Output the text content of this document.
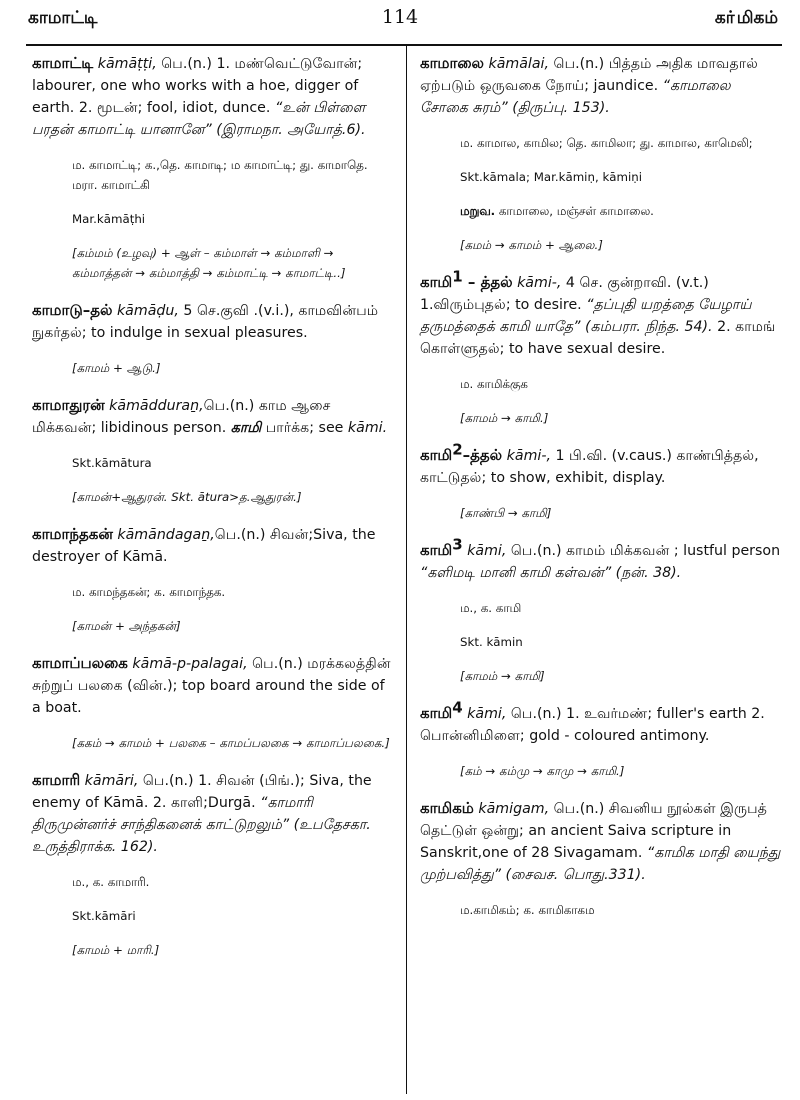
காமாட்டி	114	கா்மிகம்
காமாட்டி kāmāṭṭi, பெ.(n.) 1. மண்வெட்டுவோன்; labourer, one who works with a hoe, digger of earth. 2. மூடன்; fool, idiot, dunce. “உன் பிள்ளை பரதன் காமாட்டி யானானே” (இராமநா. அயோத்.6).
ம. காமாட்டி; க.,தெ. காமாடி; ம காமாட்டி; து. காமாதெ. மரா. காமாட்கி
Mar.kāmāṭhi
[கம்மம் (உழவு) + ஆள் – கம்மாள் → கம்மாளி → கம்மாத்தன் → கம்மாத்தி → கம்மாட்டி → காமாட்டி..]
காமாடு–தல் kāmāḍu, 5 செ.குவி .(v.i.), காமவின்பம் நுகர்தல்; to indulge in sexual pleasures.
[காமம் + ஆடு.]
காமாதுரன் kāmādduraṉ,பெ.(n.) காம ஆசை மிக்கவன்; libidinous person. காமி பார்க்க; see kāmi.
Skt.kāmātura
[காமன்+ஆதுரன். Skt. ātura>த.ஆதுரன்.]
காமாந்தகன் kāmāndagaṉ,பெ.(n.) சிவன்;Siva, the destroyer of Kāmā.
ம. காமந்தகன்; க. காமாந்தக.
[காமன் + அந்தகன்]
காமாப்பலகை kāmā-p-palagai, பெ.(n.) மரக்கலத்தின் சுற்றுப் பலகை (வின்.); top board around the side of a boat.
[ககம் → காமம் + பலகை – காமப்பலகை → காமாப்பலகை.]
காமாரி kāmāri, பெ.(n.) 1. சிவன் (பிங்.); Siva, the enemy of Kāmā. 2. காளி;Durgā. “காமாரி திருமுன்னர்ச் சாந்திகனைக் காட்டுறலும்” (உபதேசகா. உருத்திராக்க. 162).
ம., க. காமாரி.
Skt.kāmāri
[காமம் + மாரி.]
காமாலை kāmālai, பெ.(n.) பித்தம் அதிக மாவதால் ஏற்படும் ஒருவகை நோய்; jaundice. “காமாலை சோகை சுரம்” (திருப்பு. 153).
ம. காமால, காமில; தெ. காமிலா; து. காமால, காமெலி;
Skt.kāmala; Mar.kāmiṇ, kāmiṇi
மறுவ. காமாலை, மஞ்சள் காமாலை.
[கமம் → காமம் + ஆலை.]
காமி$^1$ – த்தல் kāmi-, 4 செ. குன்றாவி. (v.t.) 1.விரும்புதல்; to desire. “தப்புதி யறத்தை யேழாய் தருமத்தைக் காமி யாதே” (கம்பரா. நிந்த. 54). 2. காமங் கொள்ளுதல்; to have sexual desire.
ம. காமிக்குக
[காமம் → காமி.]
காமி$^2$–த்தல் kāmi-, 1 பி.வி. (v.caus.) காண்பித்தல், காட்டுதல்; to show, exhibit, display.
[காண்பி → காமி]
காமி$^3$ kāmi, பெ.(n.) காமம் மிக்கவன் ; lustful person “களிமடி மானி காமி கள்வன்” (நன். 38).
ம., க. காமி
Skt. kāmin
[காமம் → காமி]
காமி$^4$ kāmi, பெ.(n.) 1. உவர்மண்; fuller's earth 2. பொன்னிமிளை; gold - coloured antimony.
[கம் → கம்மு → காமு → காமி.]
காமிகம் kāmigam, பெ.(n.) சிவனிய நூல்கள் இருபத் தெட்டுள் ஒன்று; an ancient Saiva scripture in Sanskrit,one of 28 Sivagamam. “காமிக மாதி யைந்து முற்பவித்து” (சைவச. பொது.331).
ம.காமிகம்; க. காமிகாகம
